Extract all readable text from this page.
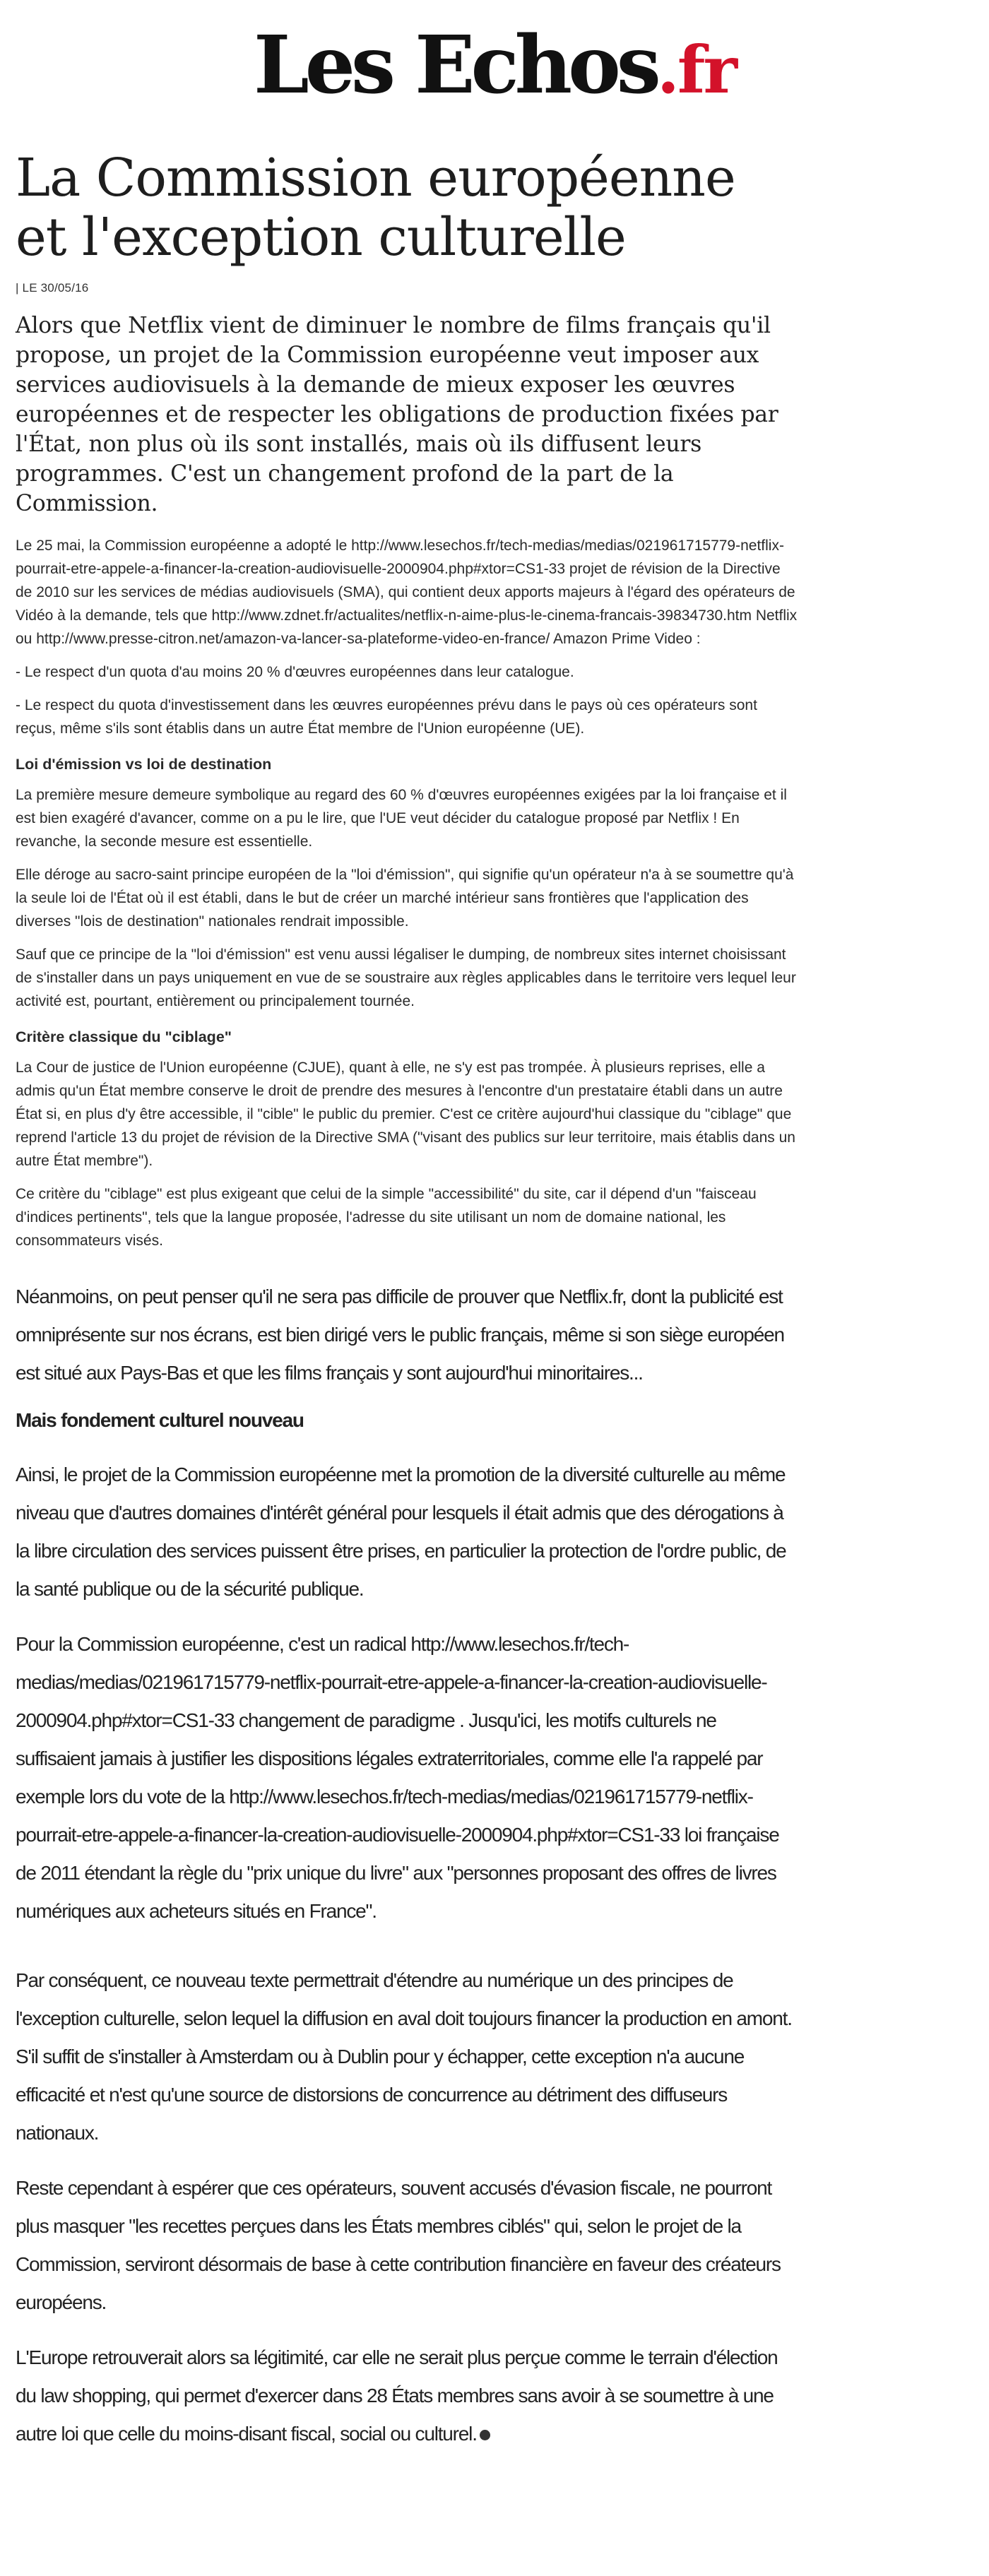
Les Echos.fr
La Commission européenne et l'exception culturelle
| LE 30/05/16

Alors que Netflix vient de diminuer le nombre de films français qu'il propose, un projet de la Commission européenne veut imposer aux services audiovisuels à la demande de mieux exposer les œuvres européennes et de respecter les obligations de production fixées par l'État, non plus où ils sont installés, mais où ils diffusent leurs programmes. C'est un changement profond de la part de la Commission.

Le 25 mai, la Commission européenne a adopté le http://www.lesechos.fr/tech-medias/medias/021961715779-netflix-pourrait-etre-appele-a-financer-la-creation-audiovisuelle-2000904.php#xtor=CS1-33 projet de révision de la Directive de 2010 sur les services de médias audiovisuels (SMA), qui contient deux apports majeurs à l'égard des opérateurs de Vidéo à la demande, tels que http://www.zdnet.fr/actualites/netflix-n-aime-plus-le-cinema-francais-39834730.htm Netflix ou http://www.presse-citron.net/amazon-va-lancer-sa-plateforme-video-en-france/ Amazon Prime Video :

- Le respect d'un quota d'au moins 20 % d'œuvres européennes dans leur catalogue.

- Le respect du quota d'investissement dans les œuvres européennes prévu dans le pays où ces opérateurs sont reçus, même s'ils sont établis dans un autre État membre de l'Union européenne (UE).

Loi d'émission vs loi de destination

La première mesure demeure symbolique au regard des 60 % d'œuvres européennes exigées par la loi française et il est bien exagéré d'avancer, comme on a pu le lire, que l'UE veut décider du catalogue proposé par Netflix ! En revanche, la seconde mesure est essentielle.

Elle déroge au sacro-saint principe européen de la "loi d'émission", qui signifie qu'un opérateur n'a à se soumettre qu'à la seule loi de l'État où il est établi, dans le but de créer un marché intérieur sans frontières que l'application des diverses "lois de destination" nationales rendrait impossible.

Sauf que ce principe de la "loi d'émission" est venu aussi légaliser le dumping, de nombreux sites internet choisissant de s'installer dans un pays uniquement en vue de se soustraire aux règles applicables dans le territoire vers lequel leur activité est, pourtant, entièrement ou principalement tournée.

Critère classique du "ciblage"

La Cour de justice de l'Union européenne (CJUE), quant à elle, ne s'y est pas trompée. À plusieurs reprises, elle a admis qu'un État membre conserve le droit de prendre des mesures à l'encontre d'un prestataire établi dans un autre État si, en plus d'y être accessible, il "cible" le public du premier. C'est ce critère aujourd'hui classique du "ciblage" que reprend l'article 13 du projet de révision de la Directive SMA ("visant des publics sur leur territoire, mais établis dans un autre État membre").

Ce critère du "ciblage" est plus exigeant que celui de la simple "accessibilité" du site, car il dépend d'un "faisceau d'indices pertinents", tels que la langue proposée, l'adresse du site utilisant un nom de domaine national, les consommateurs visés.

Néanmoins, on peut penser qu'il ne sera pas difficile de prouver que Netflix.fr, dont la publicité est omniprésente sur nos écrans, est bien dirigé vers le public français, même si son siège européen est situé aux Pays-Bas et que les films français y sont aujourd'hui minoritaires...

Mais fondement culturel nouveau

Ainsi, le projet de la Commission européenne met la promotion de la diversité culturelle au même niveau que d'autres domaines d'intérêt général pour lesquels il était admis que des dérogations à la libre circulation des services puissent être prises, en particulier la protection de l'ordre public, de la santé publique ou de la sécurité publique.

Pour la Commission européenne, c'est un radical http://www.lesechos.fr/tech-medias/medias/021961715779-netflix-pourrait-etre-appele-a-financer-la-creation-audiovisuelle-2000904.php#xtor=CS1-33 changement de paradigme . Jusqu'ici, les motifs culturels ne suffisaient jamais à justifier les dispositions légales extraterritoriales, comme elle l'a rappelé par exemple lors du vote de la http://www.lesechos.fr/tech-medias/medias/021961715779-netflix-pourrait-etre-appele-a-financer-la-creation-audiovisuelle-2000904.php#xtor=CS1-33 loi française de 2011 étendant la règle du "prix unique du livre" aux "personnes proposant des offres de livres numériques aux acheteurs situés en France".

Par conséquent, ce nouveau texte permettrait d'étendre au numérique un des principes de l'exception culturelle, selon lequel la diffusion en aval doit toujours financer la production en amont. S'il suffit de s'installer à Amsterdam ou à Dublin pour y échapper, cette exception n'a aucune efficacité et n'est qu'une source de distorsions de concurrence au détriment des diffuseurs nationaux.

Reste cependant à espérer que ces opérateurs, souvent accusés d'évasion fiscale, ne pourront plus masquer "les recettes perçues dans les États membres ciblés" qui, selon le projet de la Commission, serviront désormais de base à cette contribution financière en faveur des créateurs européens.

L'Europe retrouverait alors sa légitimité, car elle ne serait plus perçue comme le terrain d'élection du law shopping, qui permet d'exercer dans 28 États membres sans avoir à se soumettre à une autre loi que celle du moins-disant fiscal, social ou culturel.
